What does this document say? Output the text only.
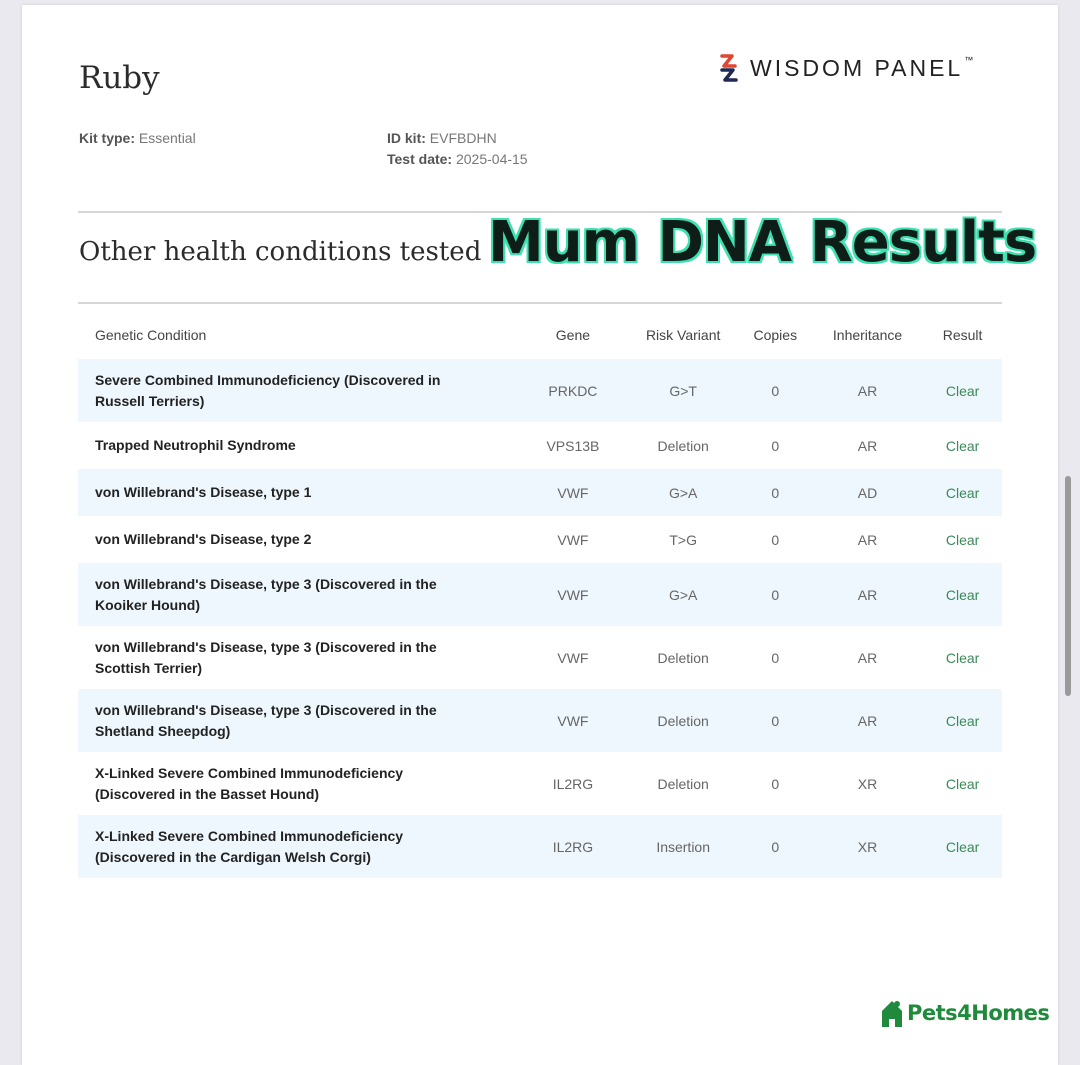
Ruby	WISDOM PANEL™
Kit type: Essential	ID kit: EVFBDHN
Test date: 2025-04-15
Other health conditions tested Mum DNA Results
Genetic Condition	Gene	Risk Variant	Copies	Inheritance	Result
Severe Combined Immunodeficiency (Discovered in Russell Terriers)	PRKDC	G>T	0	AR	Clear
Trapped Neutrophil Syndrome	VPS13B	Deletion	0	AR	Clear
von Willebrand's Disease, type 1	VWF	G>A	0	AD	Clear
von Willebrand's Disease, type 2	VWF	T>G	0	AR	Clear
von Willebrand's Disease, type 3 (Discovered in the Kooiker Hound)	VWF	G>A	0	AR	Clear
von Willebrand's Disease, type 3 (Discovered in the Scottish Terrier)	VWF	Deletion	0	AR	Clear
von Willebrand's Disease, type 3 (Discovered in the Shetland Sheepdog)	VWF	Deletion	0	AR	Clear
X-Linked Severe Combined Immunodeficiency (Discovered in the Basset Hound)	IL2RG	Deletion	0	XR	Clear
X-Linked Severe Combined Immunodeficiency (Discovered in the Cardigan Welsh Corgi)	IL2RG	Insertion	0	XR	Clear
Pets4Homes
